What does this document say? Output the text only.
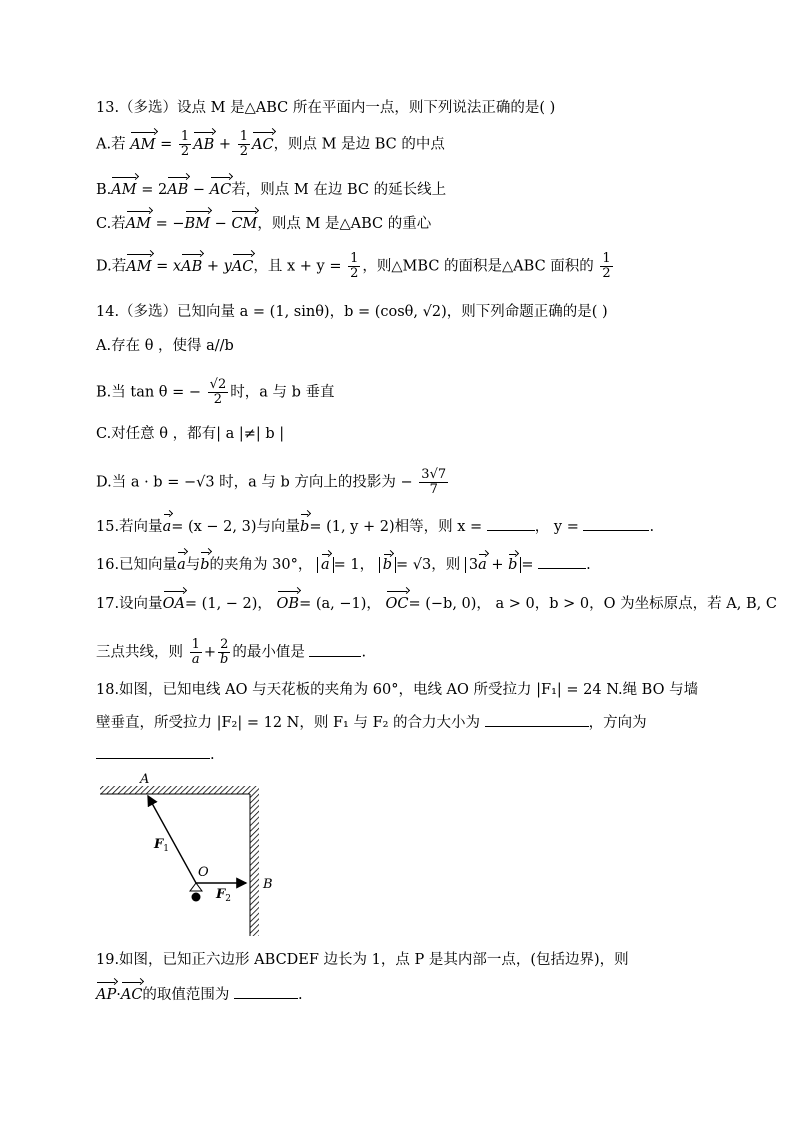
13.（多选）设点 M 是△ABC 所在平面内一点，则下列说法正确的是( )
A.若 AM = $\frac{1}{2}$ AB + $\frac{1}{2}$ AC，则点 M 是边 BC 的中点
B.AM = 2AB − AC若，则点 M 在边 BC 的延长线上
C.若AM = −BM − CM，则点 M 是△ABC 的重心
D.若AM = xAB + yAC，且 $x + y = \frac{1}{2}$ ，则△MBC 的面积是△ABC 面积的 $\frac{1}{2}$
14.（多选）已知向量 a = (1, sinθ)，b = (cosθ, √2)，则下列命题正确的是( )
A.存在 θ ，使得 a//b
B.当 tan θ = − $\frac{√2}{2}$ 时，a 与 b 垂直
C.对任意 θ ，都有| a |≠| b |
D.当 a · b = −√3 时，a 与 b 方向上的投影为 − $\frac{3√7}{7}$
15.若向量a= (x − 2, 3)与向量b= (1, y + 2)相等，则 x =	， y =	.
16.已知向量a与b的夹角为 30°， a = 1， b = √3，则 3a + b =	.
17.设向量OA= (1, − 2)， OB= (a, −1)， OC= (−b, 0)， a > 0，b > 0，O 为坐标原点，若 A, B, C
三点共线，则 $\frac{1}{a} + \frac{2}{b}$ 的最小值是	.
18.如图，已知电线 AO 与天花板的夹角为 60°，电线 AO 所受拉力 |F₁| = 24 N.绳 BO 与墙
壁垂直，所受拉力 |F₂| = 12 N，则 F₁ 与 F₂ 的合力大小为	，方向为
.
A
O
B
$F_1$
$F_2$
19.如图，已知正六边形 ABCDEF 边长为 1，点 P 是其内部一点，(包括边界)，则
AP·AC的取值范围为	.
